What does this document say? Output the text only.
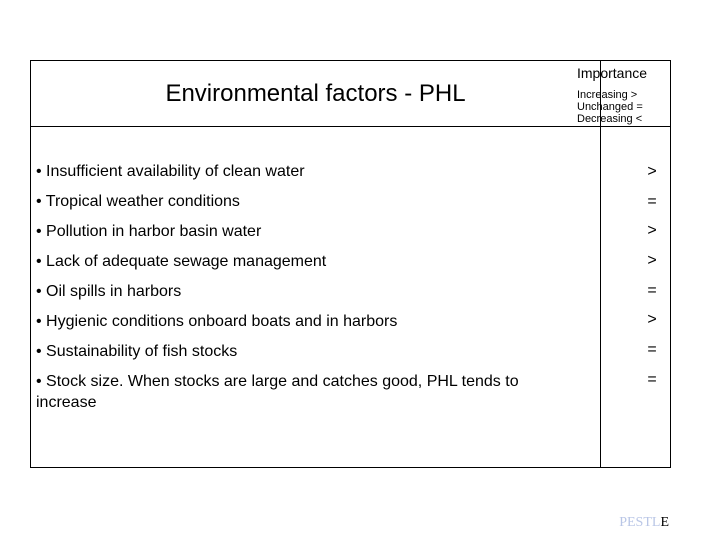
Environmental factors - PHL
Importance
Increasing >
Unchanged =
Decreasing <
• Insufficient availability of clean water
• Tropical weather conditions
• Pollution in harbor basin water
• Lack of adequate sewage management
• Oil spills in harbors
• Hygienic conditions onboard boats and in harbors
• Sustainability of fish stocks
• Stock size. When stocks are large and catches good, PHL tends to increase
>
=
>
>
=
>
=
=
PESTLE
